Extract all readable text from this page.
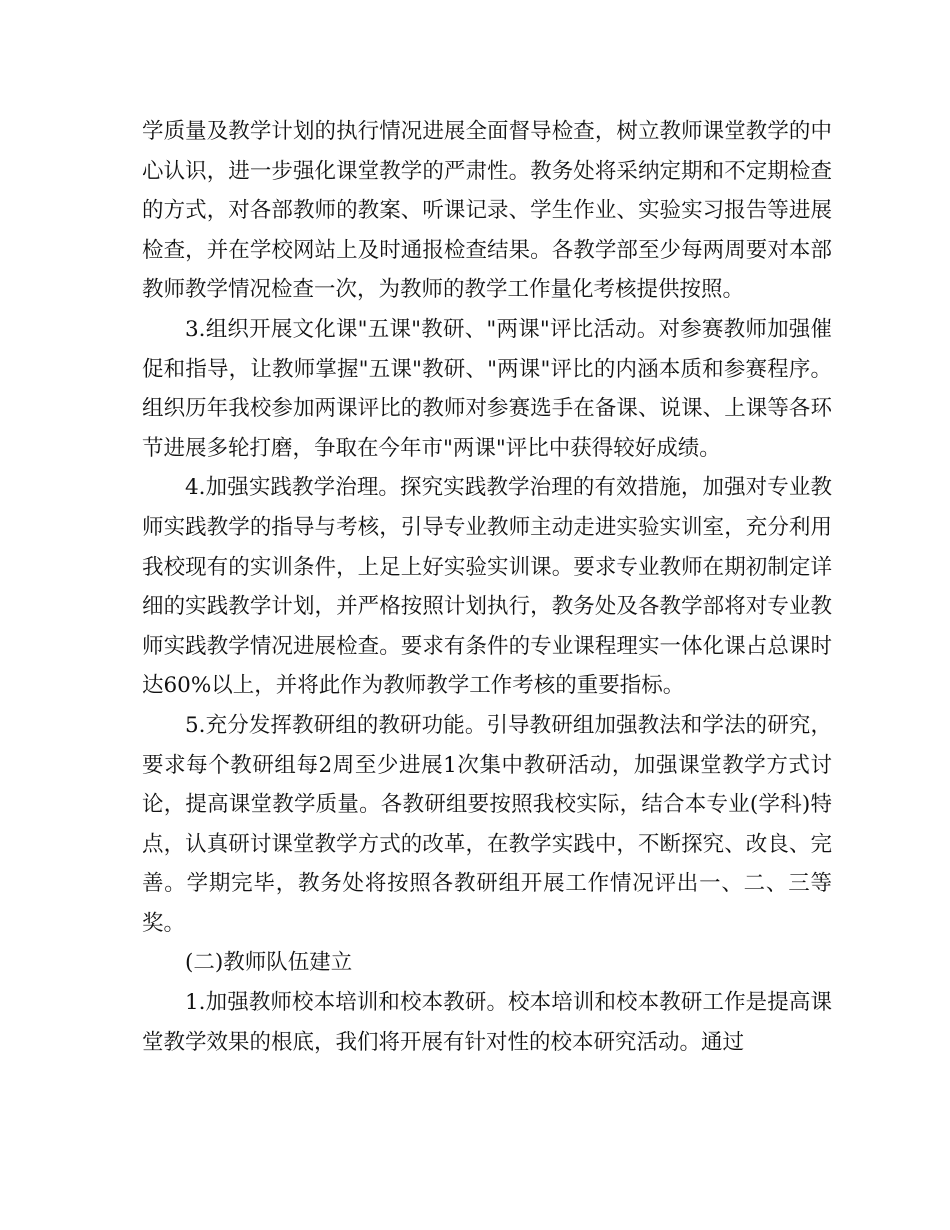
学质量及教学计划的执行情况进展全面督导检查，树立教师课堂教学的中心认识，进一步强化课堂教学的严肃性。教务处将采纳定期和不定期检查的方式，对各部教师的教案、听课记录、学生作业、实验实习报告等进展检查，并在学校网站上及时通报检查结果。各教学部至少每两周要对本部教师教学情况检查一次，为教师的教学工作量化考核提供按照。

3.组织开展文化课"五课"教研、"两课"评比活动。对参赛教师加强催促和指导，让教师掌握"五课"教研、"两课"评比的内涵本质和参赛程序。组织历年我校参加两课评比的教师对参赛选手在备课、说课、上课等各环节进展多轮打磨，争取在今年市"两课"评比中获得较好成绩。

4.加强实践教学治理。探究实践教学治理的有效措施，加强对专业教师实践教学的指导与考核，引导专业教师主动走进实验实训室，充分利用我校现有的实训条件，上足上好实验实训课。要求专业教师在期初制定详细的实践教学计划，并严格按照计划执行，教务处及各教学部将对专业教师实践教学情况进展检查。要求有条件的专业课程理实一体化课占总课时达60%以上，并将此作为教师教学工作考核的重要指标。

5.充分发挥教研组的教研功能。引导教研组加强教法和学法的研究，要求每个教研组每2周至少进展1次集中教研活动，加强课堂教学方式讨论，提高课堂教学质量。各教研组要按照我校实际，结合本专业(学科)特点，认真研讨课堂教学方式的改革，在教学实践中，不断探究、改良、完善。学期完毕，教务处将按照各教研组开展工作情况评出一、二、三等奖。

(二)教师队伍建立

1.加强教师校本培训和校本教研。校本培训和校本教研工作是提高课堂教学效果的根底，我们将开展有针对性的校本研究活动。通过
